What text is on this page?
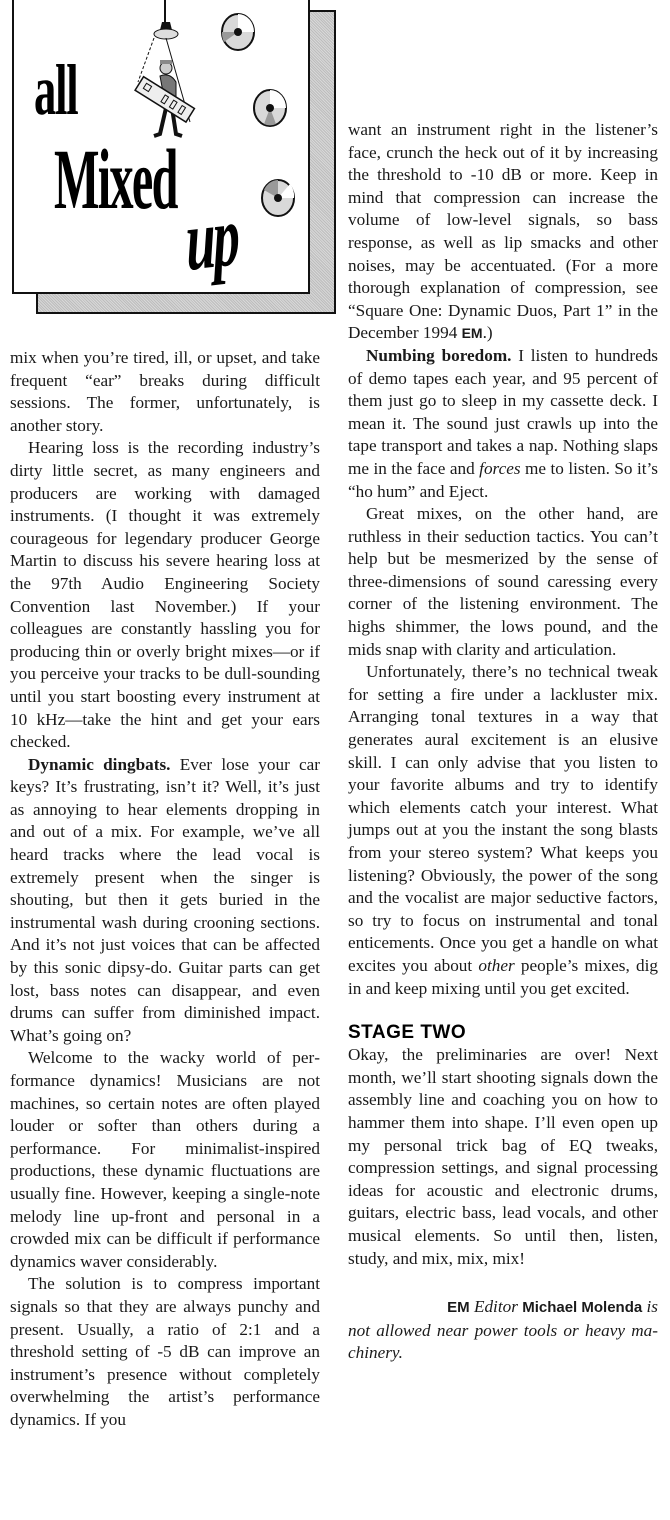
all
Mixed
up

mix when you’re tired, ill, or upset, and take frequent “ear” breaks during difficult sessions. The former, unfortunately, is another story.

Hearing loss is the recording industry’s dirty little secret, as many engineers and producers are working with damaged instruments. (I thought it was extremely courageous for legendary producer George Martin to discuss his severe hearing loss at the 97th Audio Engineering Society Convention last November.) If your colleagues are constantly hassling you for producing thin or overly bright mixes—or if you perceive your tracks to be dull-sounding until you start boosting every instrument at 10 kHz—take the hint and get your ears checked.

Dynamic dingbats. Ever lose your car keys? It’s frustrating, isn’t it? Well, it’s just as annoying to hear elements dropping in and out of a mix. For example, we’ve all heard tracks where the lead vocal is extremely present when the singer is shouting, but then it gets buried in the instrumental wash during crooning sections. And it’s not just voices that can be affected by this sonic dipsy-do. Guitar parts can get lost, bass notes can disappear, and even drums can suffer from diminished impact. What’s going on?

Welcome to the wacky world of performance dynamics! Musicians are not machines, so certain notes are often played louder or softer than others during a performance. For minimalist-inspired productions, these dynamic fluctuations are usually fine. However, keeping a single-note melody line up-front and personal in a crowded mix can be difficult if performance dynamics waver considerably.

The solution is to compress important signals so that they are always punchy and present. Usually, a ratio of 2:1 and a threshold setting of -5 dB can improve an instrument’s presence without completely overwhelming the artist’s performance dynamics. If you

want an instrument right in the listener’s face, crunch the heck out of it by increasing the threshold to -10 dB or more. Keep in mind that compression can increase the volume of low-level signals, so bass response, as well as lip smacks and other noises, may be accentuated. (For a more thorough explanation of compression, see “Square One: Dynamic Duos, Part 1” in the December 1994 EM.)

Numbing boredom. I listen to hundreds of demo tapes each year, and 95 percent of them just go to sleep in my cassette deck. I mean it. The sound just crawls up into the tape transport and takes a nap. Nothing slaps me in the face and forces me to listen. So it’s “ho hum” and Eject.

Great mixes, on the other hand, are ruthless in their seduction tactics. You can’t help but be mesmerized by the sense of three-dimensions of sound caressing every corner of the listening environment. The highs shimmer, the lows pound, and the mids snap with clarity and articulation.

Unfortunately, there’s no technical tweak for setting a fire under a lackluster mix. Arranging tonal textures in a way that generates aural excitement is an elusive skill. I can only advise that you listen to your favorite albums and try to identify which elements catch your interest. What jumps out at you the instant the song blasts from your stereo system? What keeps you listening? Obviously, the power of the song and the vocalist are major seductive factors, so try to focus on instrumental and tonal enticements. Once you get a handle on what excites you about other people’s mixes, dig in and keep mixing until you get excited.

STAGE TWO

Okay, the preliminaries are over! Next month, we’ll start shooting signals down the assembly line and coaching you on how to hammer them into shape. I’ll even open up my personal trick bag of EQ tweaks, compression settings, and signal processing ideas for acoustic and electronic drums, guitars, electric bass, lead vocals, and other musical elements. So until then, listen, study, and mix, mix, mix!

EM Editor Michael Molenda is
not allowed near power tools or heavy machinery.
